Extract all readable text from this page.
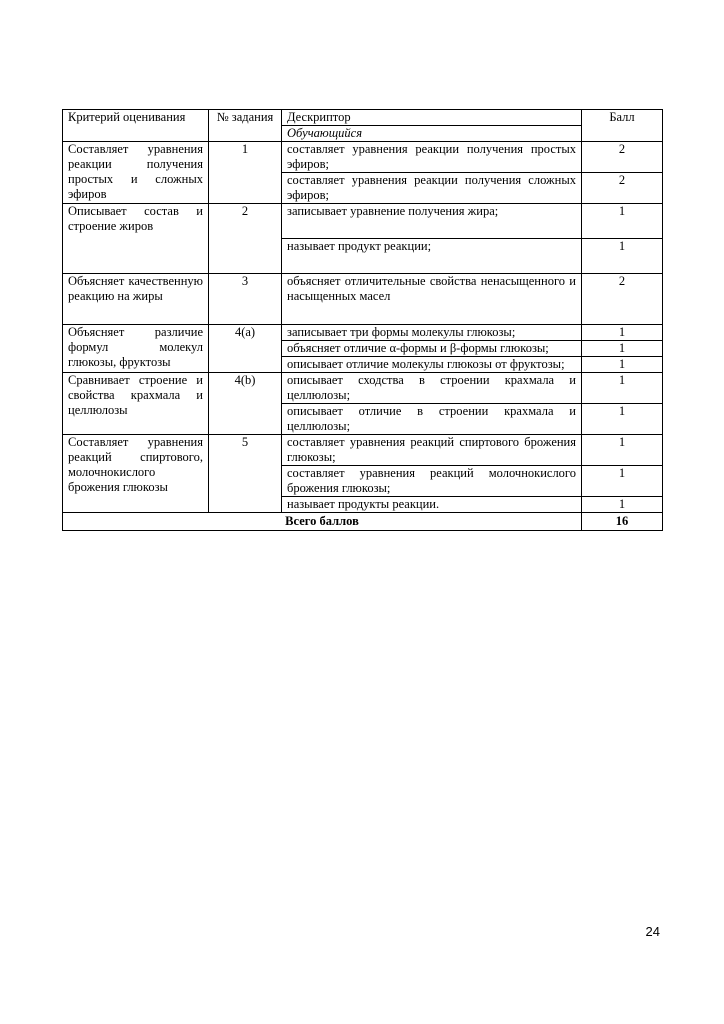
Критерий оценивания	№ задания	Дескриптор	Балл
		Обучающийся	
Составляет уравнения реакции получения простых и сложных эфиров	1	составляет уравнения реакции получения простых эфиров;	2
		составляет уравнения реакции получения сложных эфиров;	2
Описывает состав и строение жиров	2	записывает уравнение получения жира;	1
		называет продукт реакции;	1
Объясняет качественную реакцию на жиры	3	объясняет отличительные свойства ненасыщенного и насыщенных масел	2
Объясняет различие формул молекул глюкозы, фруктозы	4(a)	записывает три формы молекулы глюкозы;	1
		объясняет отличие α-формы и β-формы глюкозы;	1
		описывает отличие молекулы глюкозы от фруктозы;	1
Сравнивает строение и свойства крахмала и целлюлозы	4(b)	описывает сходства в строении крахмала и целлюлозы;	1
		описывает отличие в строении крахмала и целлюлозы;	1
Составляет уравнения реакций спиртового, молочнокислого брожения глюкозы	5	составляет уравнения реакций спиртового брожения глюкозы;	1
		составляет уравнения реакций молочнокислого брожения глюкозы;	1
		называет продукты реакции.	1
Всего баллов			16
24
